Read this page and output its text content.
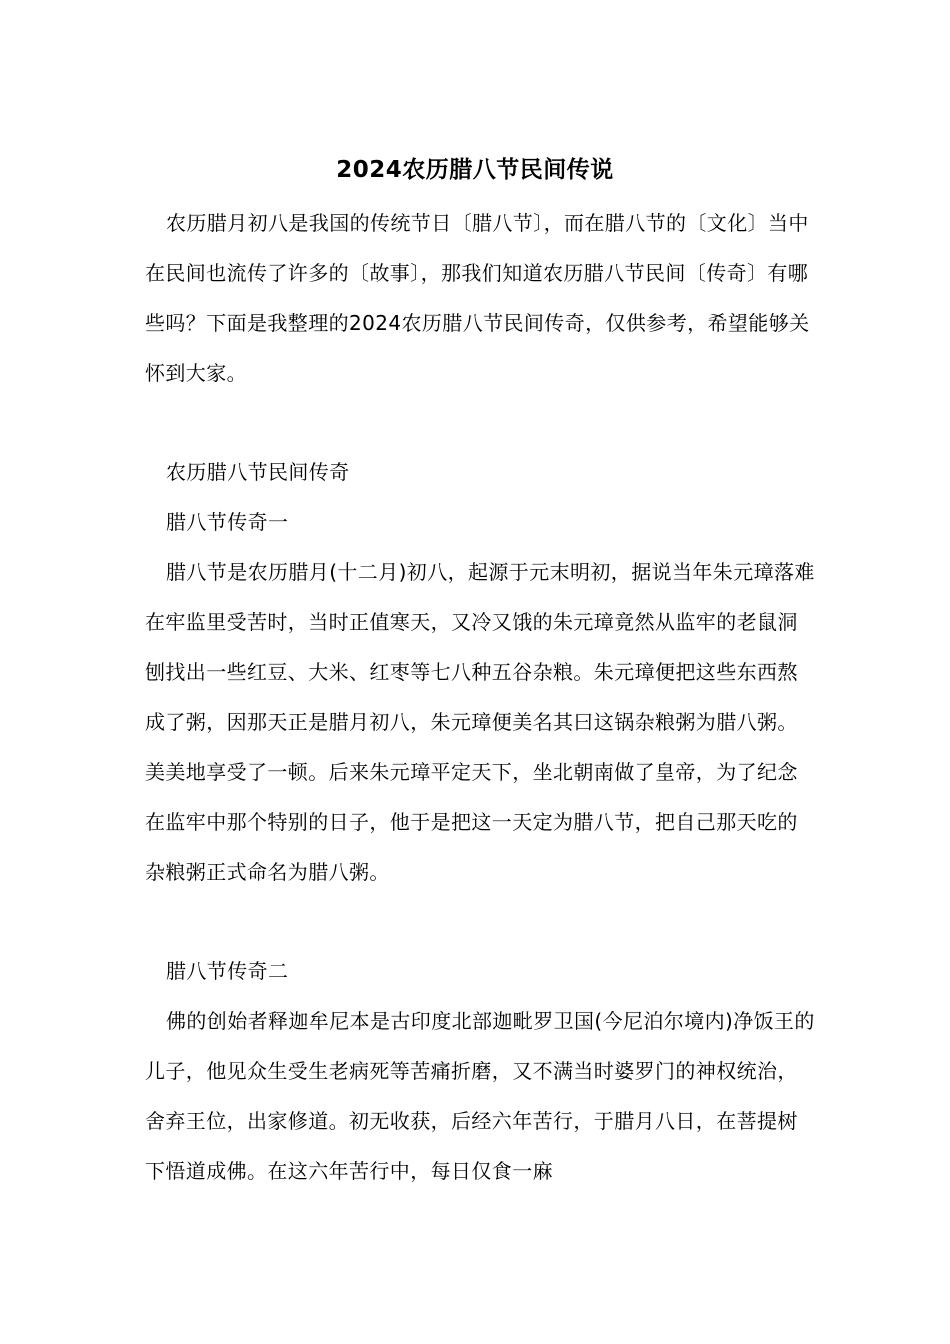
2024农历腊八节民间传说

农历腊月初八是我国的传统节日〔腊八节〕，而在腊八节的〔文化〕当中在民间也流传了许多的〔故事〕，那我们知道农历腊八节民间〔传奇〕有哪些吗？下面是我整理的2024农历腊八节民间传奇，仅供参考，希望能够关怀到大家。

农历腊八节民间传奇

腊八节传奇一

腊八节是农历腊月(十二月)初八，起源于元末明初，据说当年朱元璋落难在牢监里受苦时，当时正值寒天，又冷又饿的朱元璋竟然从监牢的老鼠洞刨找出一些红豆、大米、红枣等七八种五谷杂粮。朱元璋便把这些东西熬成了粥，因那天正是腊月初八，朱元璋便美名其曰这锅杂粮粥为腊八粥。美美地享受了一顿。后来朱元璋平定天下，坐北朝南做了皇帝，为了纪念在监牢中那个特别的日子，他于是把这一天定为腊八节，把自己那天吃的杂粮粥正式命名为腊八粥。

腊八节传奇二

佛的创始者释迦牟尼本是古印度北部迦毗罗卫国(今尼泊尔境内)净饭王的儿子，他见众生受生老病死等苦痛折磨，又不满当时婆罗门的神权统治，舍弃王位，出家修道。初无收获，后经六年苦行，于腊月八日，在菩提树下悟道成佛。在这六年苦行中，每日仅食一麻
